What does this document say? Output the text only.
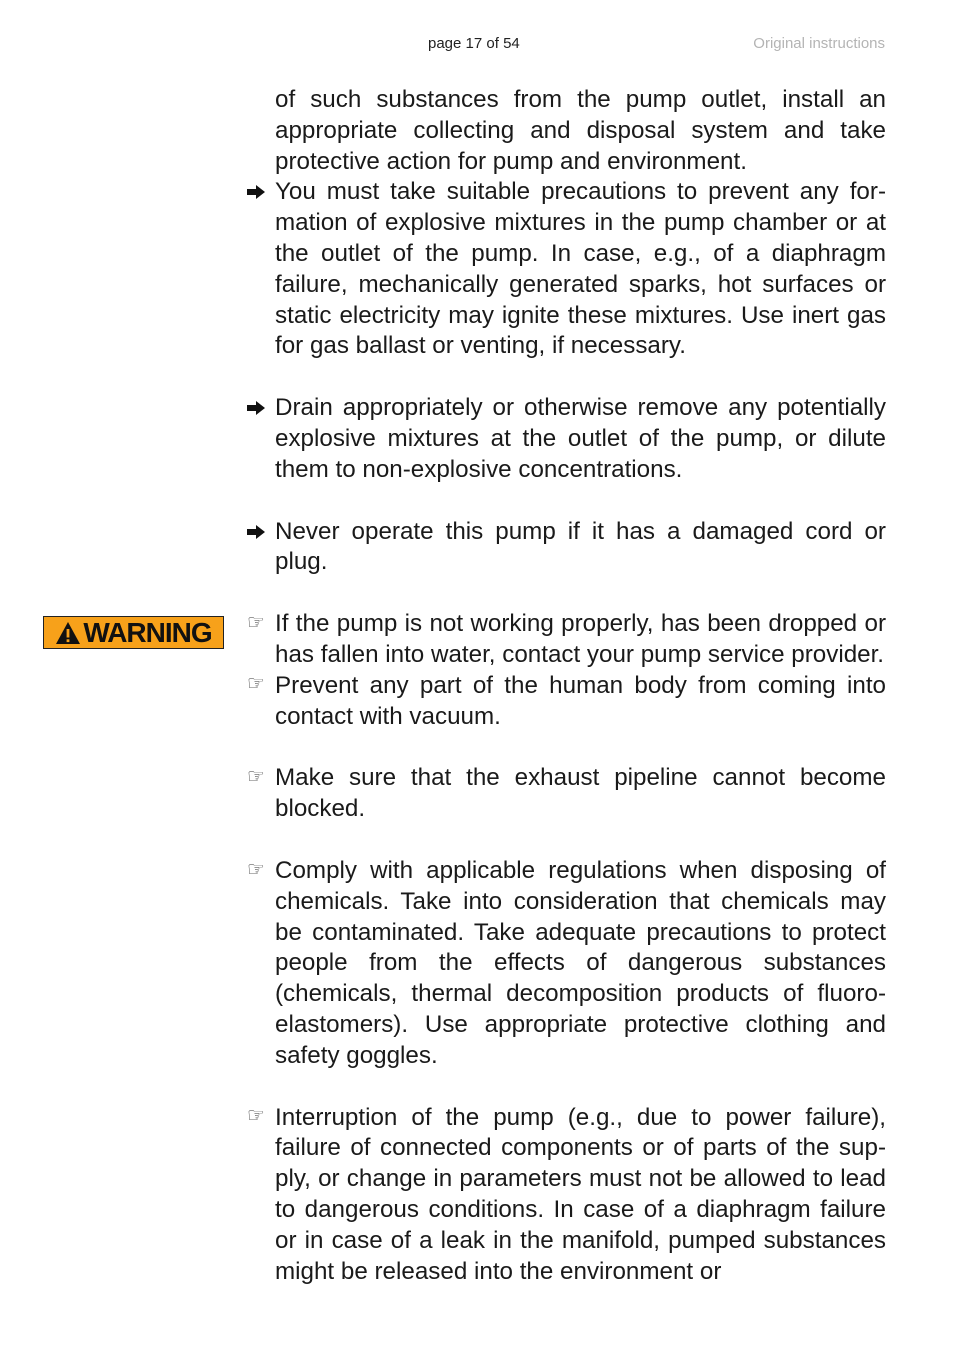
page 17 of 54	Original instructions
WARNING
of such substances from the pump outlet, install an appropriate collecting and disposal system and take protective action for pump and environment.
You must take suitable precautions to prevent any formation of explosive mixtures in the pump chamber or at the outlet of the pump. In case, e.g., of a diaphragm failure, mechanically generated sparks, hot surfaces or static electricity may ignite these mixtures. Use inert gas for gas ballast or venting, if necessary.
Drain appropriately or otherwise remove any potentially explosive mixtures at the outlet of the pump, or dilute them to non-explosive concentrations.
Never operate this pump if it has a damaged cord or plug.
☞ If the pump is not working properly, has been dropped or has fallen into water, contact your pump service provider.
☞ Prevent any part of the human body from coming into contact with vacuum.
☞ Make sure that the exhaust pipeline cannot become blocked.
☞ Comply with applicable regulations when disposing of chemicals. Take into consideration that chemicals may be contaminated. Take adequate precautions to protect people from the effects of dangerous substances (chemicals, thermal decomposition products of fluoroelastomers). Use appropriate protective clothing and safety goggles.
☞ Interruption of the pump (e.g., due to power failure), failure of connected components or of parts of the supply, or change in parameters must not be allowed to lead to dangerous conditions. In case of a diaphragm failure or in case of a leak in the manifold, pumped substances might be released into the environment or
